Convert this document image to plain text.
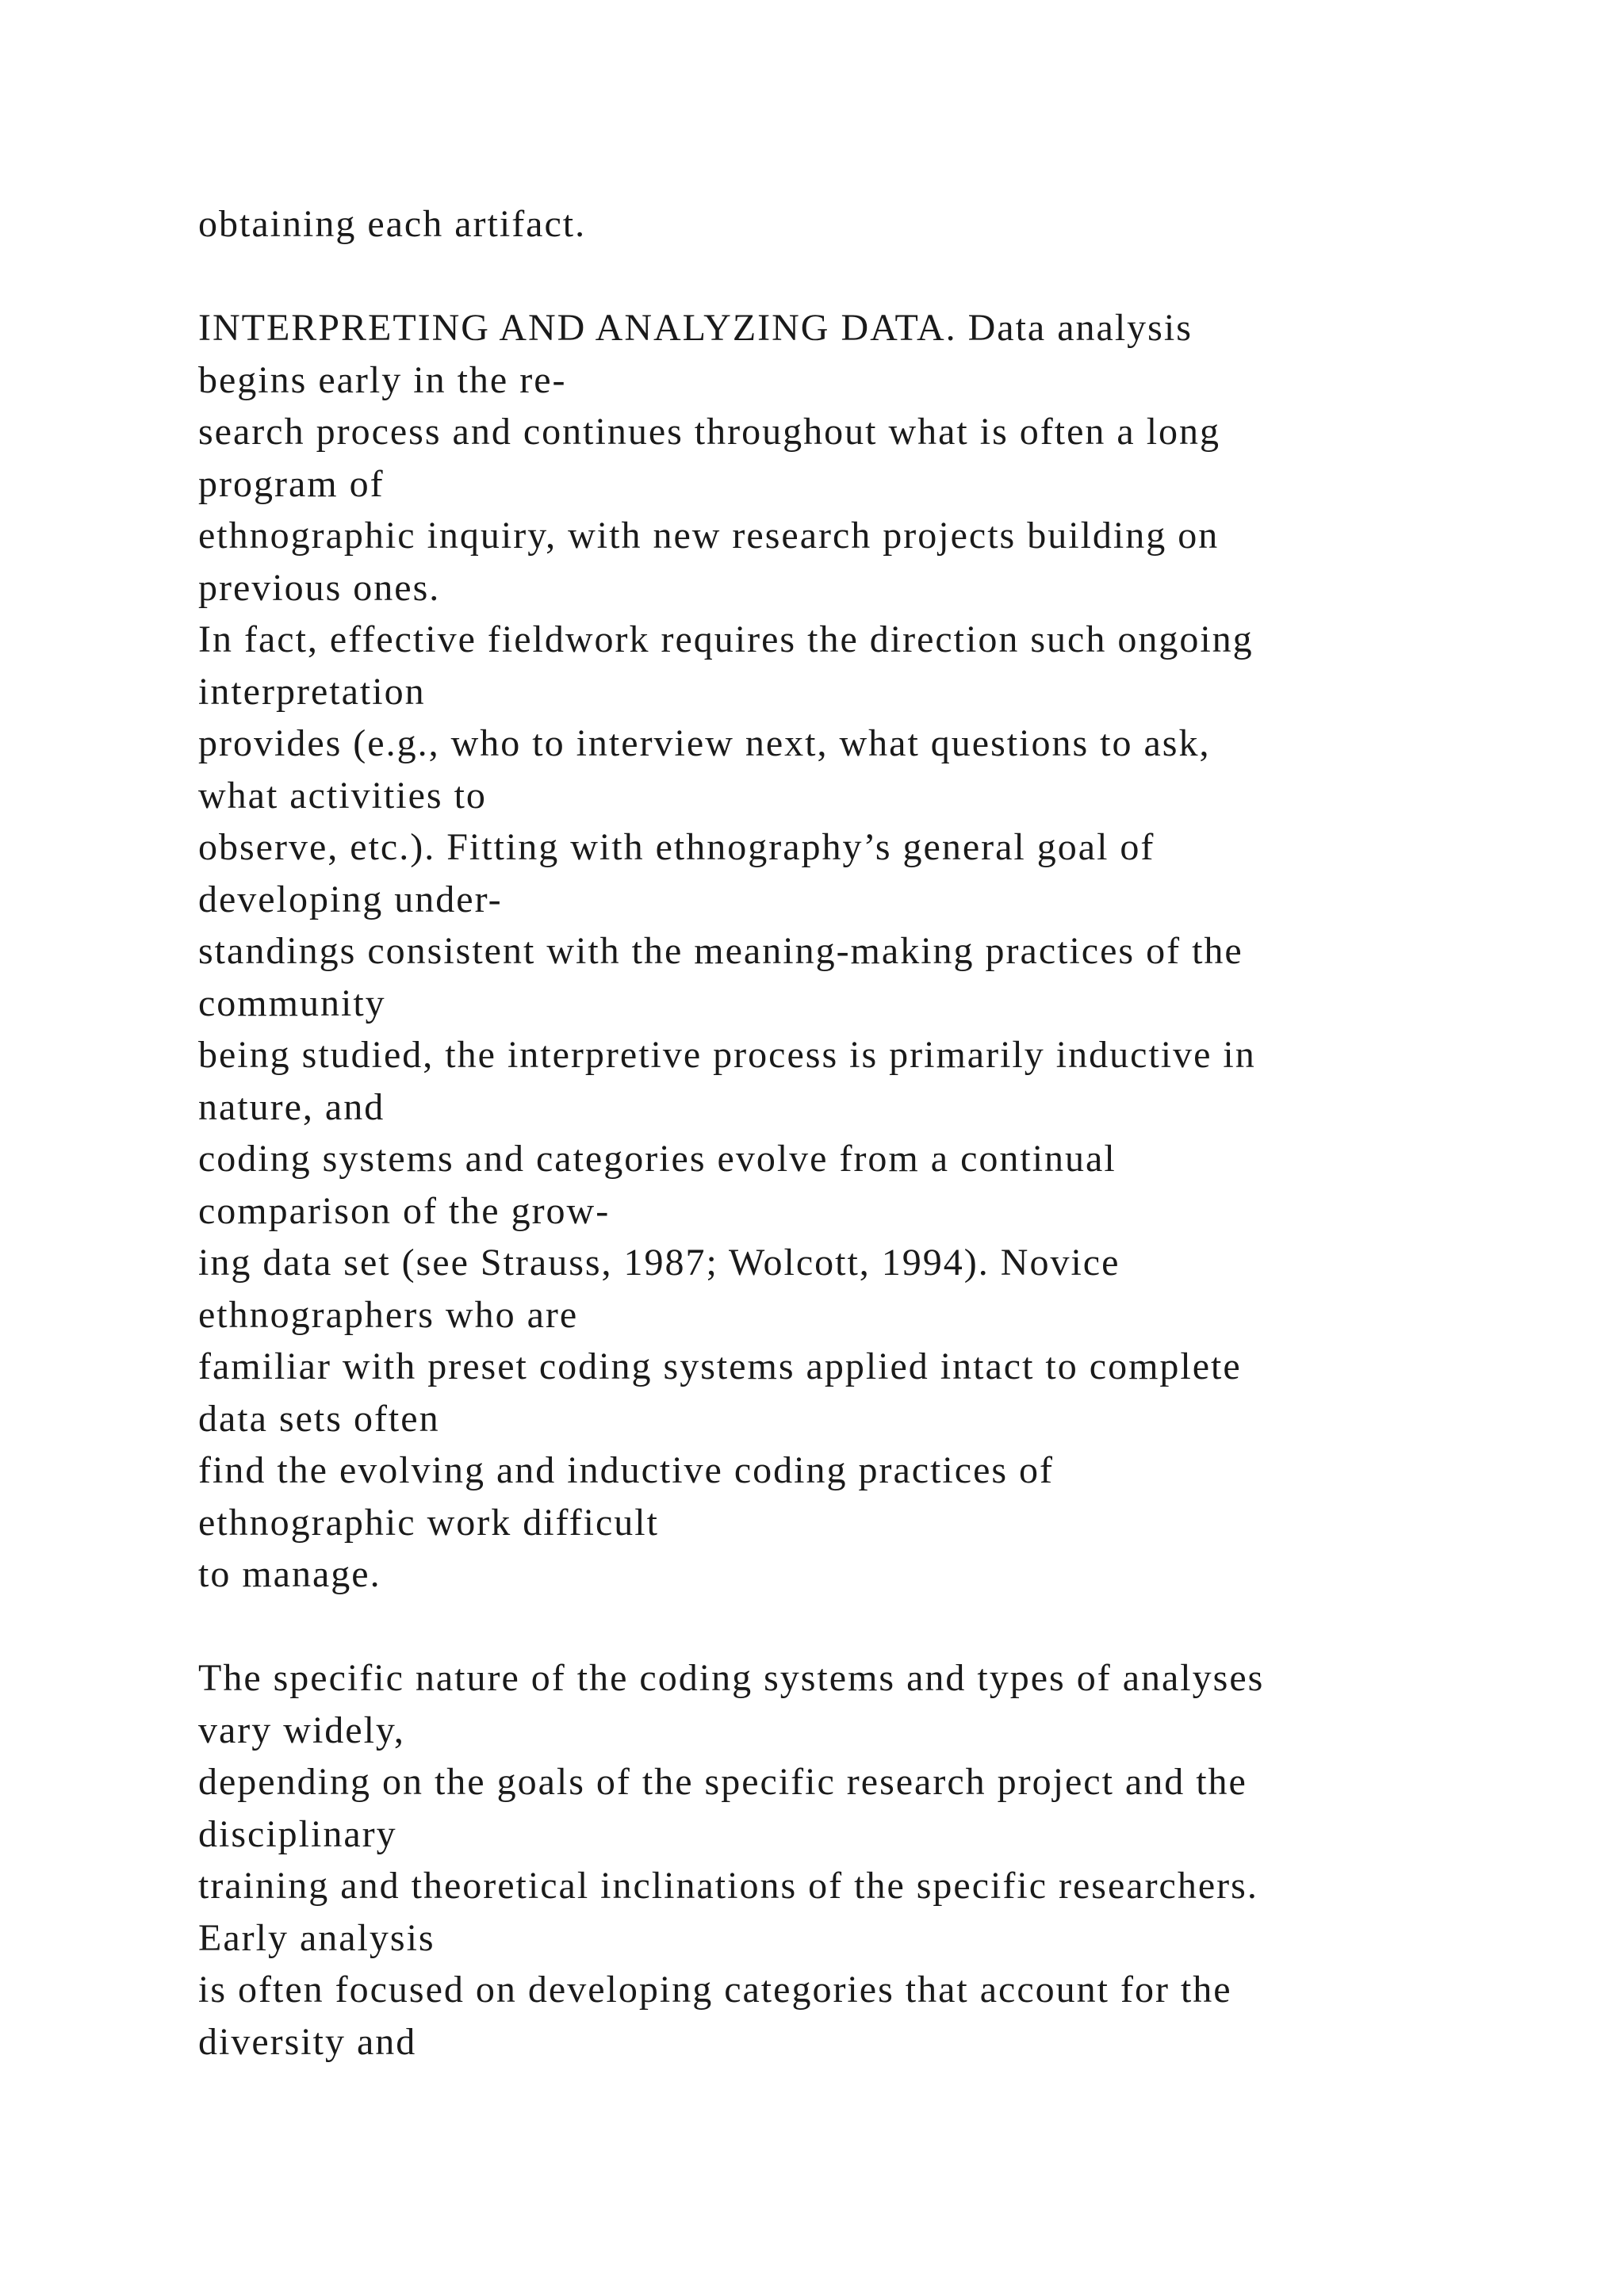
obtaining each artifact.

INTERPRETING AND ANALYZING DATA. Data analysis
begins early in the re-
search process and continues throughout what is often a long
program of
ethnographic inquiry, with new research projects building on
previous ones.
In fact, effective fieldwork requires the direction such ongoing
interpretation
provides (e.g., who to interview next, what questions to ask,
what activities to
observe, etc.). Fitting with ethnography’s general goal of
developing under-
standings consistent with the meaning-making practices of the
community
being studied, the interpretive process is primarily inductive in
nature, and
coding systems and categories evolve from a continual
comparison of the grow-
ing data set (see Strauss, 1987; Wolcott, 1994). Novice
ethnographers who are
familiar with preset coding systems applied intact to complete
data sets often
find the evolving and inductive coding practices of
ethnographic work difficult
to manage.

The specific nature of the coding systems and types of analyses
vary widely,
depending on the goals of the specific research project and the
disciplinary
training and theoretical inclinations of the specific researchers.
Early analysis
is often focused on developing categories that account for the
diversity and
